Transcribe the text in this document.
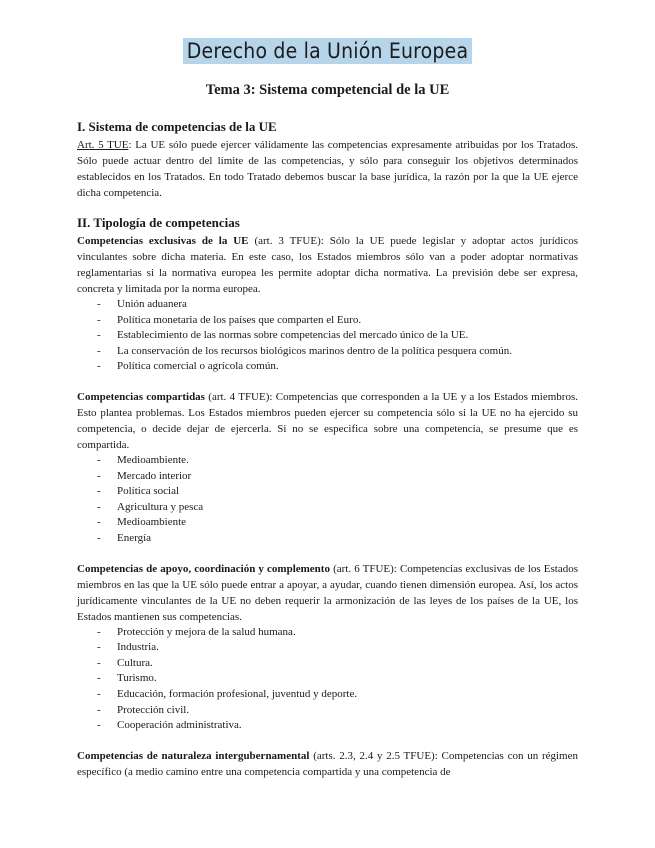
Derecho de la Unión Europea
Tema 3: Sistema competencial de la UE
I. Sistema de competencias de la UE

Art. 5 TUE: La UE sólo puede ejercer válidamente las competencias expresamente atribuidas por los Tratados. Sólo puede actuar dentro del límite de las competencias, y sólo para conseguir los objetivos determinados establecidos en los Tratados. En todo Tratado debemos buscar la base jurídica, la razón por la que la UE ejerce dicha competencia.

II. Tipología de competencias

Competencias exclusivas de la UE (art. 3 TFUE): Sólo la UE puede legislar y adoptar actos jurídicos vinculantes sobre dicha materia. En este caso, los Estados miembros sólo van a poder adoptar normativas reglamentarias si la normativa europea les permite adoptar dicha normativa. La previsión debe ser expresa, concreta y limitada por la norma europea.

- Unión aduanera
- Política monetaria de los países que comparten el Euro.
- Establecimiento de las normas sobre competencias del mercado único de la UE.
- La conservación de los recursos biológicos marinos dentro de la política pesquera común.
- Política comercial o agrícola común.

Competencias compartidas (art. 4 TFUE): Competencias que corresponden a la UE y a los Estados miembros. Esto plantea problemas. Los Estados miembros pueden ejercer su competencia sólo si la UE no ha ejercido su competencia, o decide dejar de ejercerla. Si no se especifica sobre una competencia, se presume que es compartida.

- Medioambiente.
- Mercado interior
- Política social
- Agricultura y pesca
- Medioambiente
- Energía

Competencias de apoyo, coordinación y complemento (art. 6 TFUE): Competencias exclusivas de los Estados miembros en las que la UE sólo puede entrar a apoyar, a ayudar, cuando tienen dimensión europea. Así, los actos jurídicamente vinculantes de la UE no deben requerir la armonización de las leyes de los países de la UE, los Estados mantienen sus competencias.

- Protección y mejora de la salud humana.
- Industria.
- Cultura.
- Turismo.
- Educación, formación profesional, juventud y deporte.
- Protección civil.
- Cooperación administrativa.

Competencias de naturaleza intergubernamental (arts. 2.3, 2.4 y 2.5 TFUE): Competencias con un régimen específico (a medio camino entre una competencia compartida y una competencia de
